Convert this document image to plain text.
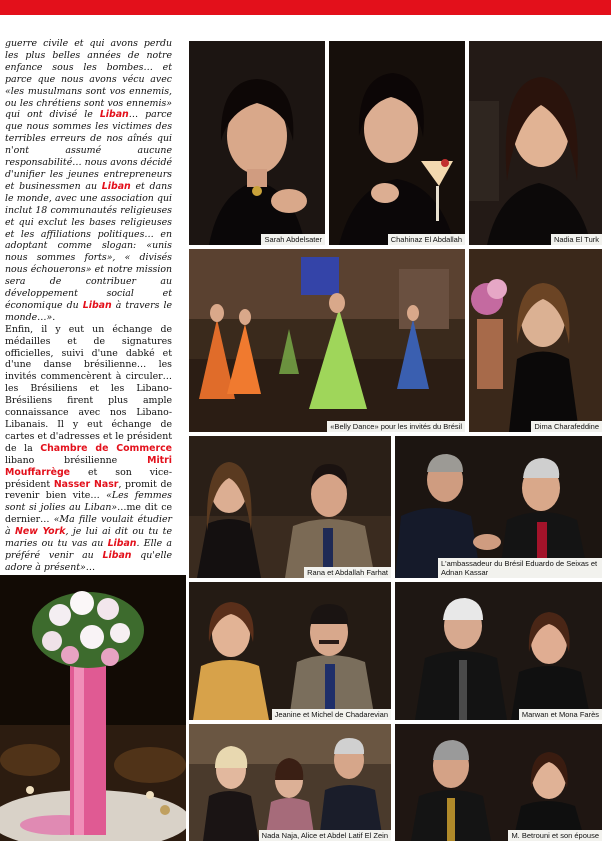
guerre civile et qui avons perdu les plus belles années de notre enfance sous les bombes… et parce que nous avons vécu avec «les musulmans sont vos ennemis, ou les chrétiens sont vos ennemis» qui ont divisé le Liban… parce que nous sommes les victimes des terribles erreurs de nos aînés qui n'ont assumé aucune responsabilité… nous avons décidé d'unifier les jeunes entrepreneurs et businessmen au Liban et dans le monde, avec une association qui inclut 18 communautés religieuses et qui exclut les bases religieuses et les affiliations politiques… en adoptant comme slogan: «unis nous sommes forts», « divisés nous échouerons» et notre mission sera de contribuer au développement social et économique du Liban à travers le monde…».

Enfin, il y eut un échange de médailles et de signatures officielles, suivi d'une dabké et d'une danse brésilienne… les invités commencèrent à circuler… les Brésiliens et les Libano-Brésiliens firent plus ample connaissance avec nos Libano-Libanais. Il y eut échange de cartes et d'adresses et le président de la Chambre de Commerce libano brésilienne Mitri Mouffarrège et son vice-président Nasser Nasr, promit de revenir bien vite… «Les femmes sont si jolies au Liban»…me dit ce dernier… «Ma fille voulait étudier à New York, je lui ai dit ou tu te maries ou tu vas au Liban. Elle a préféré venir au Liban qu'elle adore à présent»…

Sarah Abdelsater	Chahinaz El Abdallah	Nadia El Turk
«Belly Dance» pour les invités du Brésil	Dima Charafeddine
Rana et Abdallah Farhat
L'ambassadeur du Brésil Eduardo de Seixas et Adnan Kassar
Jeanine et Michel de Chadarevian	Marwan et Mona Farès
Nada Naja, Alice et Abdel Latif El Zein	M. Betrouni et son épouse
